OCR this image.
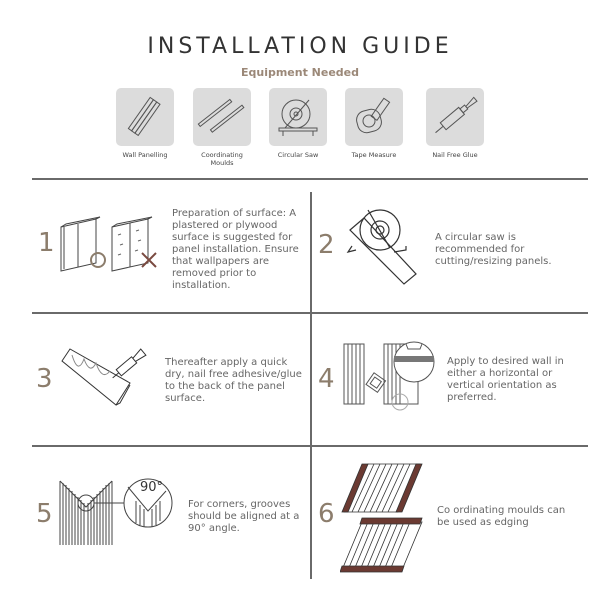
INSTALLATION GUIDE
Equipment Needed
Wall Panelling	Coordinating Moulds
Circular Saw	Tape Measure	Nail Free Glue
1
Preparation of surface: A plastered or plywood surface is suggested for panel installation. Ensure that wallpapers are removed prior to installation.
2	A circular saw is recommended for cutting/resizing panels.
3
Thereafter apply a quick dry, nail free adhesive/glue to the back of the panel surface.
4
Apply to desired wall in either a horizontal or vertical orientation as preferred.
5
90°
For corners, grooves should be aligned at a 90° angle.	6	Co ordinating moulds can be used as edging
